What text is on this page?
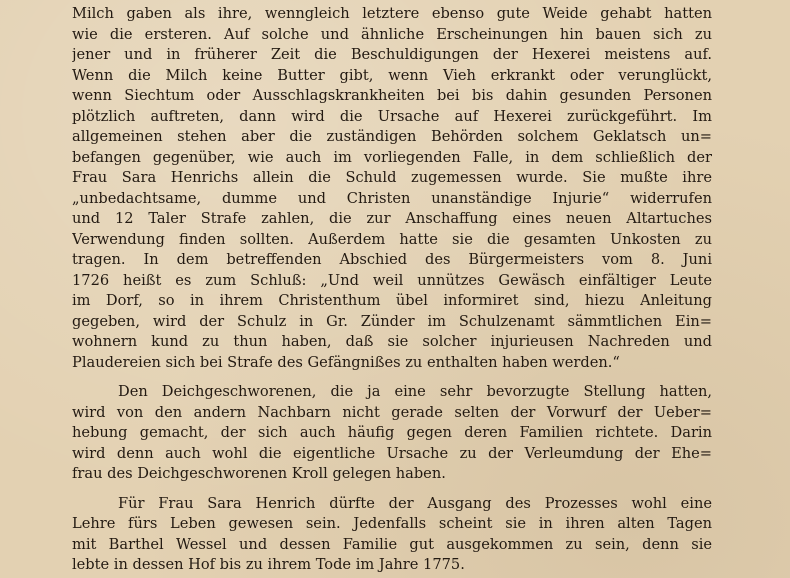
Milch gaben als ihre, wenngleich letztere ebenso gute Weide gehabt hatten
wie die ersteren. Auf solche und ähnliche Erscheinungen hin bauen sich zu
jener und in früherer Zeit die Beschuldigungen der Hexerei meistens auf.
Wenn die Milch keine Butter gibt, wenn Vieh erkrankt oder verunglückt,
wenn Siechtum oder Ausschlagskrankheiten bei bis dahin gesunden Personen
plötzlich auftreten, dann wird die Ursache auf Hexerei zurückgeführt. Im
allgemeinen stehen aber die zuständigen Behörden solchem Geklatsch un=
befangen gegenüber, wie auch im vorliegenden Falle, in dem schließlich der
Frau Sara Henrichs allein die Schuld zugemessen wurde. Sie mußte ihre
„unbedachtsame, dumme und Christen unanständige Injurie“ widerrufen
und 12 Taler Strafe zahlen, die zur Anschaffung eines neuen Altartuches
Verwendung finden sollten. Außerdem hatte sie die gesamten Unkosten zu
tragen. In dem betreffenden Abschied des Bürgermeisters vom 8. Juni
1726 heißt es zum Schluß: „Und weil unnützes Gewäsch einfältiger Leute
im Dorf, so in ihrem Christenthum übel informiret sind, hiezu Anleitung
gegeben, wird der Schulz in Gr. Zünder im Schulzenamt sämmtlichen Ein=
wohnern kund zu thun haben, daß sie solcher injurieusen Nachreden und
Plaudereien sich bei Strafe des Gefängnißes zu enthalten haben werden.“
Den Deichgeschworenen, die ja eine sehr bevorzugte Stellung hatten,
wird von den andern Nachbarn nicht gerade selten der Vorwurf der Ueber=
hebung gemacht, der sich auch häufig gegen deren Familien richtete. Darin
wird denn auch wohl die eigentliche Ursache zu der Verleumdung der Ehe=
frau des Deichgeschworenen Kroll gelegen haben.
Für Frau Sara Henrich dürfte der Ausgang des Prozesses wohl eine
Lehre fürs Leben gewesen sein. Jedenfalls scheint sie in ihren alten Tagen
mit Barthel Wessel und dessen Familie gut ausgekommen zu sein, denn sie
lebte in dessen Hof bis zu ihrem Tode im Jahre 1775.
